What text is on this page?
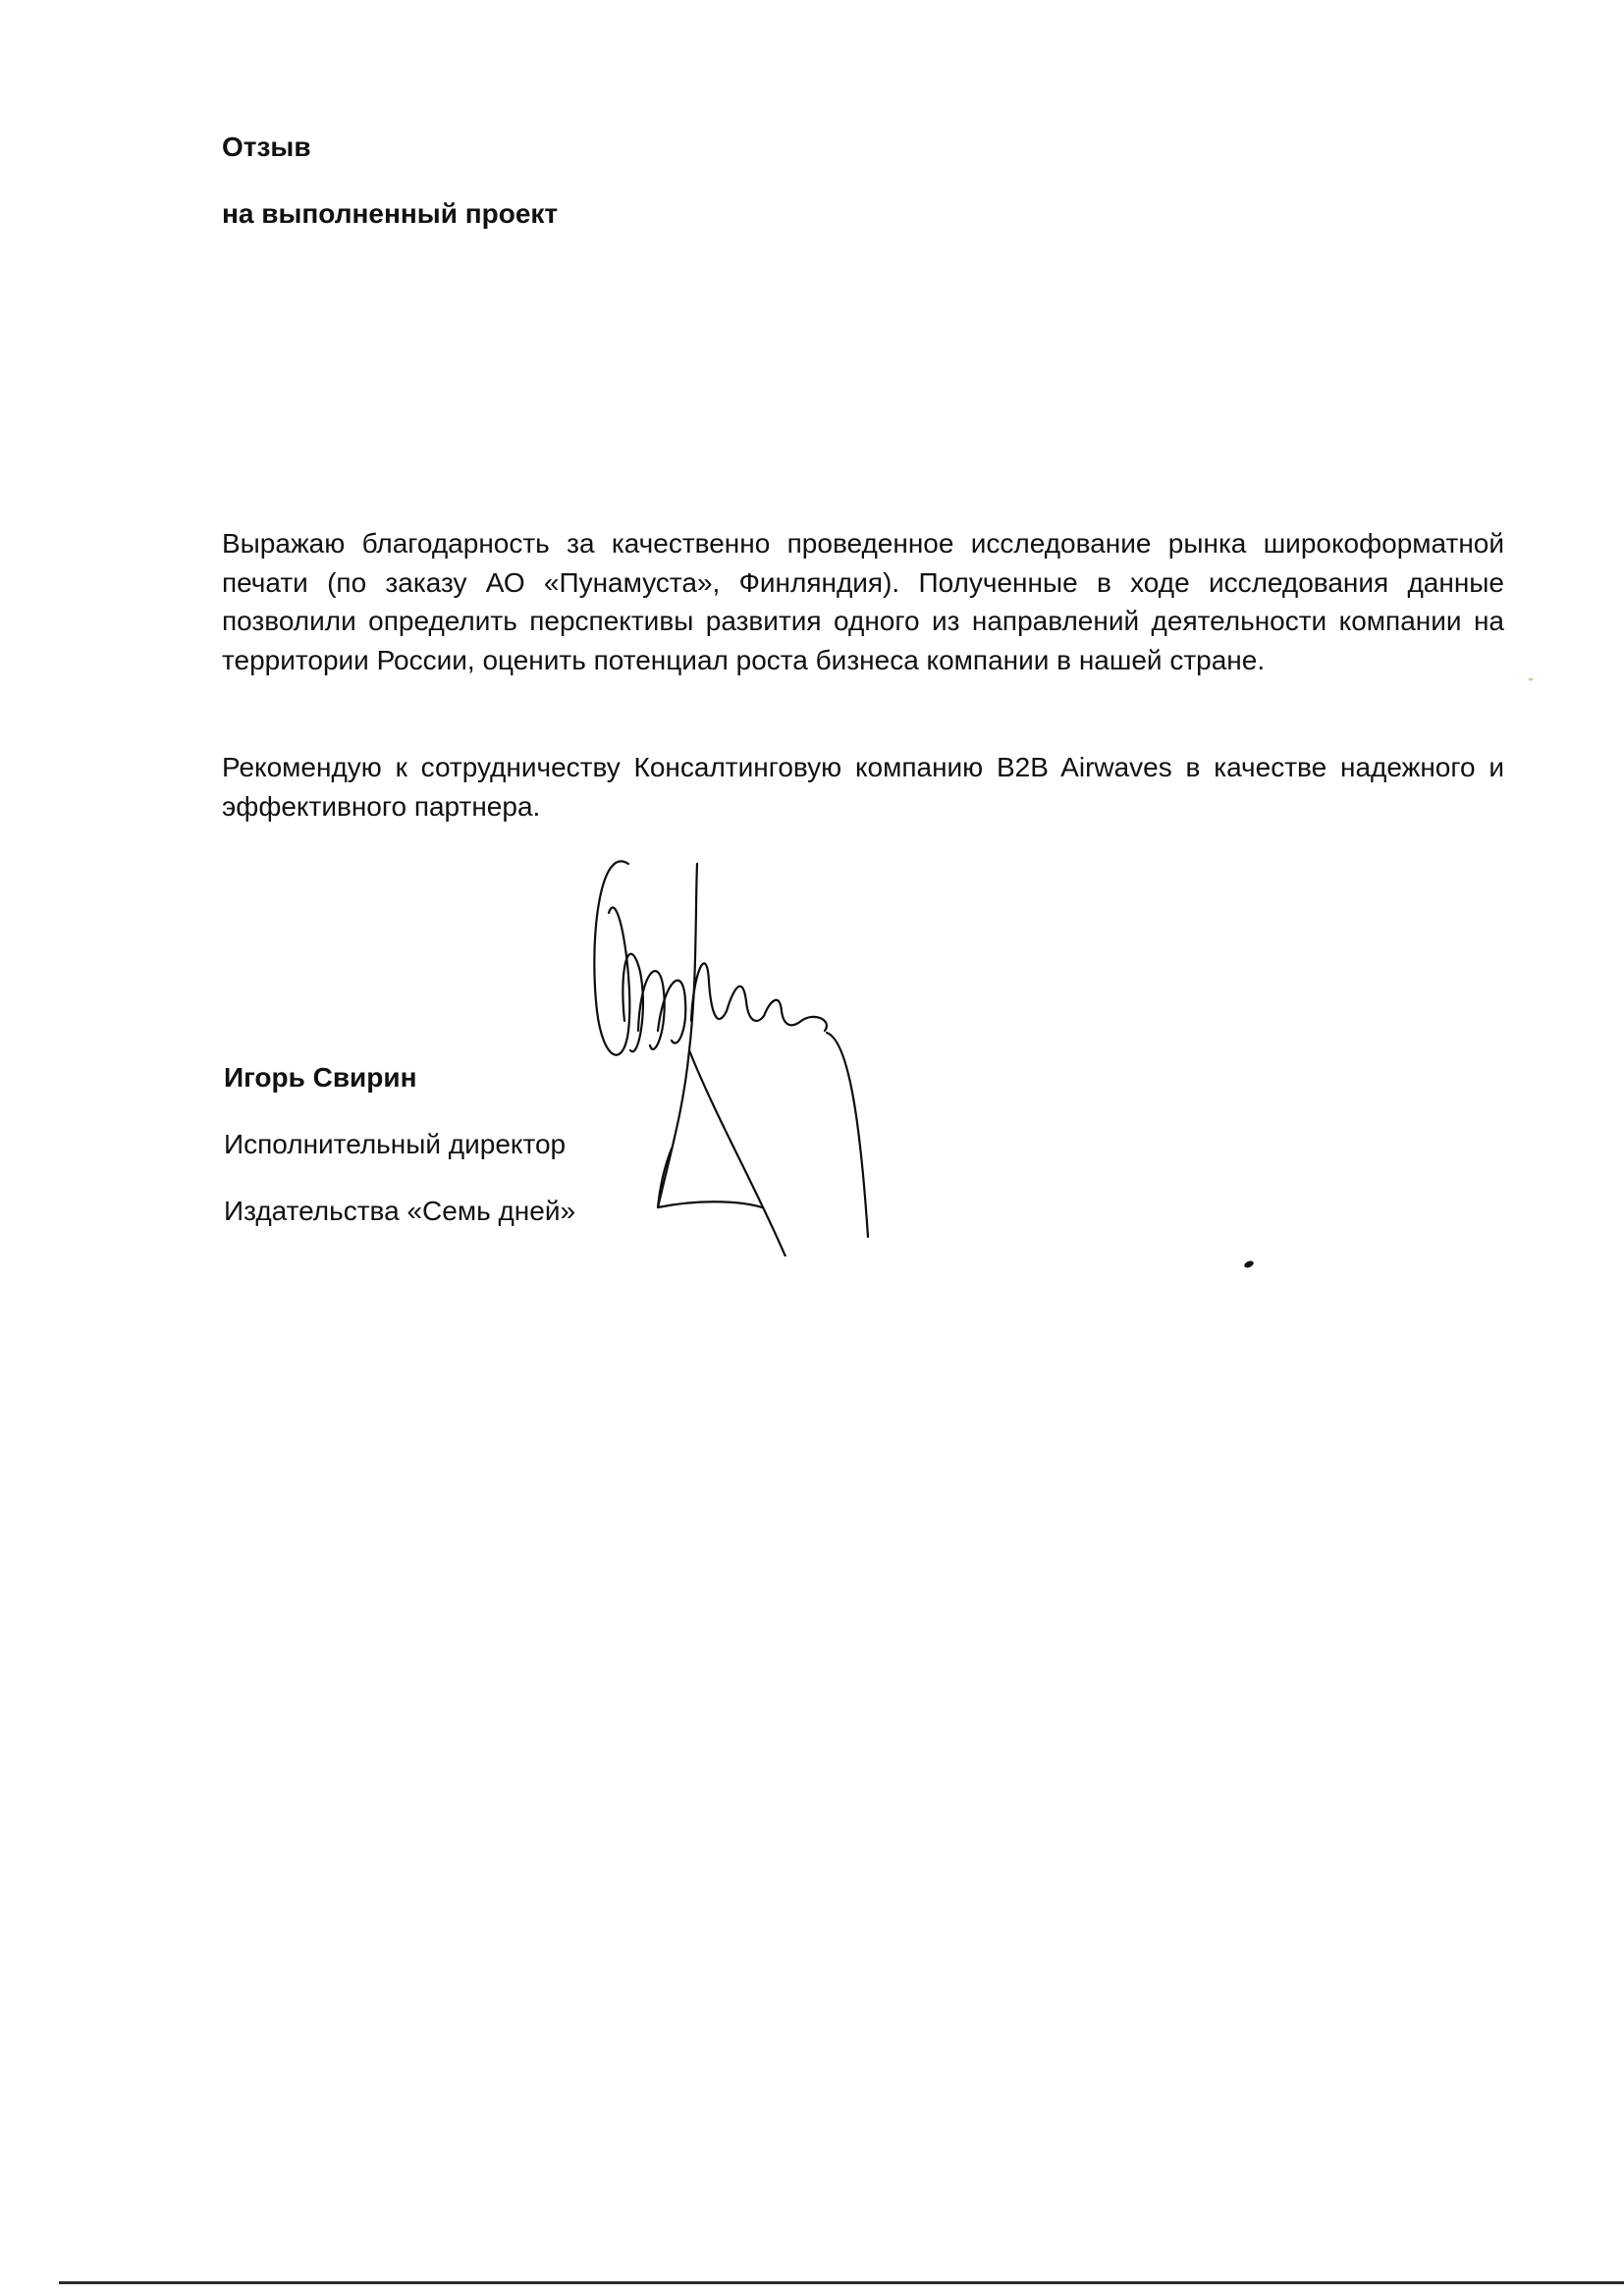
Отзыв
на выполненный проект

Выражаю благодарность за качественно проведенное исследование рынка широкоформатной печати (по заказу АО «Пунамуста», Финляндия). Полученные в ходе исследования данные позволили определить перспективы развития одного из направлений деятельности компании на территории России, оценить потенциал роста бизнеса компании в нашей стране.

Рекомендую к сотрудничеству Консалтинговую компанию B2B Airwaves в качестве надежного и эффективного партнера.

Игорь Свирин
Исполнительный директор
Издательства «Семь дней»
